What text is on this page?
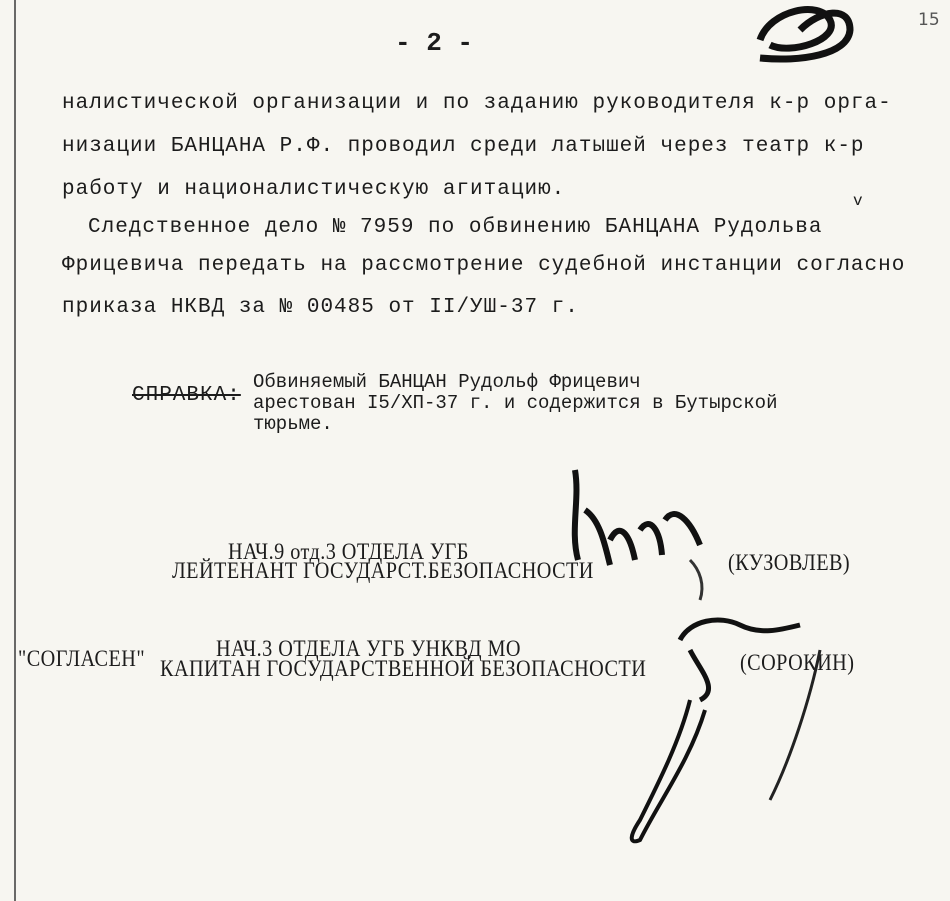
- 2 -
15
налистической организации и по заданию руководителя к-р орга-
низации БАНЦАНА Р.Ф. проводил среди латышей через театр к-р
работу и националистическую агитацию.
Следственное дело № 7959 по обвинению БАНЦАНА Рудольва
v
Фрицевича передать на рассмотрение судебной инстанции согласно
приказа НКВД за № 00485 от II/УШ-37 г.
СПРАВКА:
Обвиняемый БАНЦАН Рудольф Фрицевич
арестован I5/ХП-37 г. и содержится в Бутырской
тюрьме.
НАЧ.9 отд.3 ОТДЕЛА УГБ
ЛЕЙТЕНАНТ ГОСУДАРСТ.БЕЗОПАСНОСТИ	(КУЗОВЛЕВ)
"СОГЛАСЕН"	НАЧ.3 ОТДЕЛА УГБ УНКВД МО
КАПИТАН ГОСУДАРСТВЕННОЙ БЕЗОПАСНОСТИ	(СОРОКИН)
